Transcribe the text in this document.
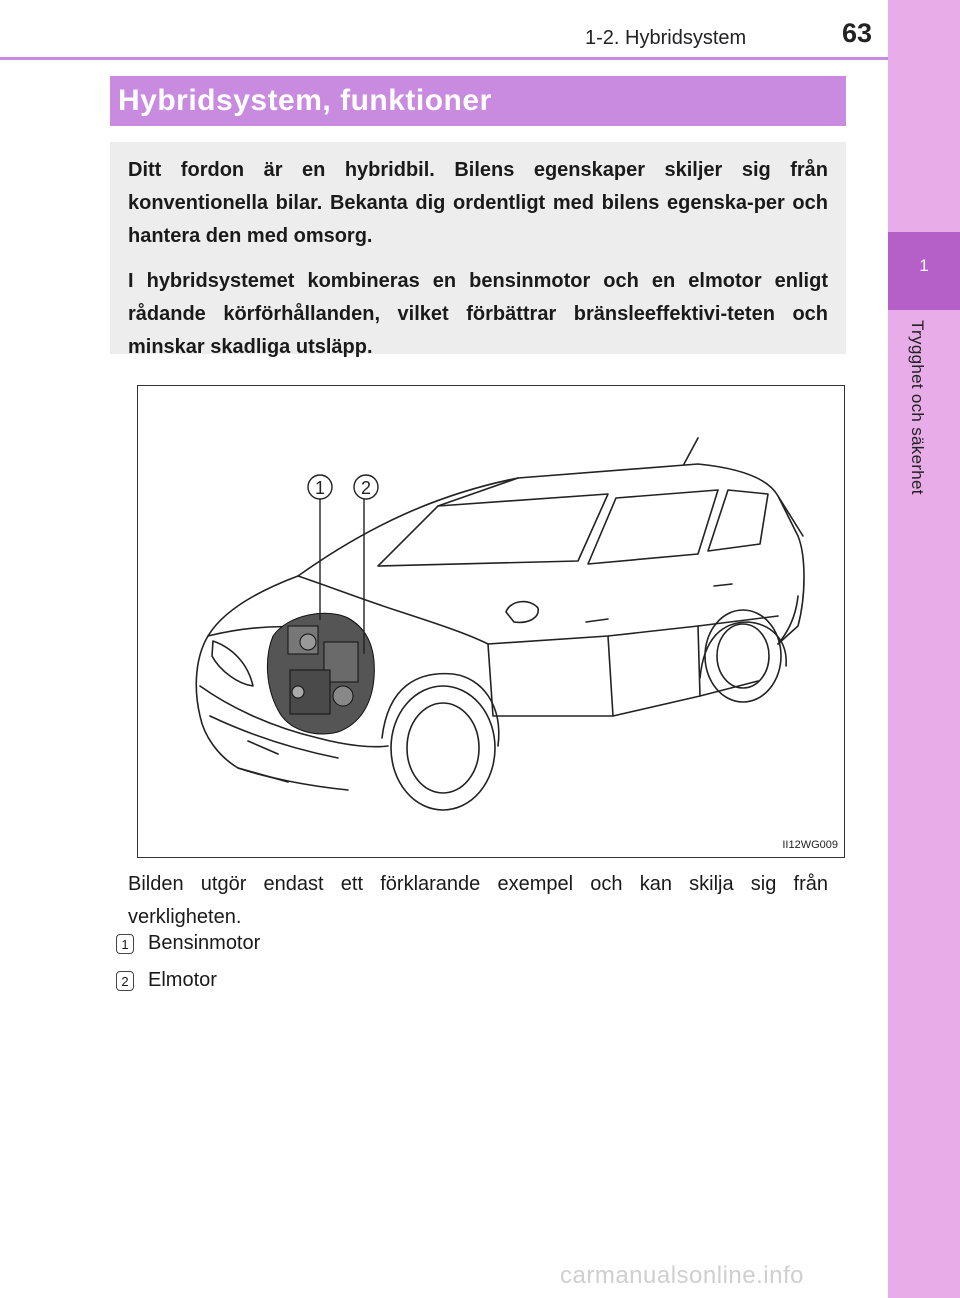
1-2. Hybridsystem	63
1
Trygghet och säkerhet
Hybridsystem, funktioner

Ditt fordon är en hybridbil. Bilens egenskaper skiljer sig från konventionella bilar. Bekanta dig ordentligt med bilens egenska-per och hantera den med omsorg.

I hybridsystemet kombineras en bensinmotor och en elmotor enligt rådande körförhållanden, vilket förbättrar bränsleeffektivi-teten och minskar skadliga utsläpp.

1 2
II12WG009
Bilden utgör endast ett förklarande exempel och kan skilja sig från verkligheten.
1 Bensinmotor
2 Elmotor
carmanualsonline.info
